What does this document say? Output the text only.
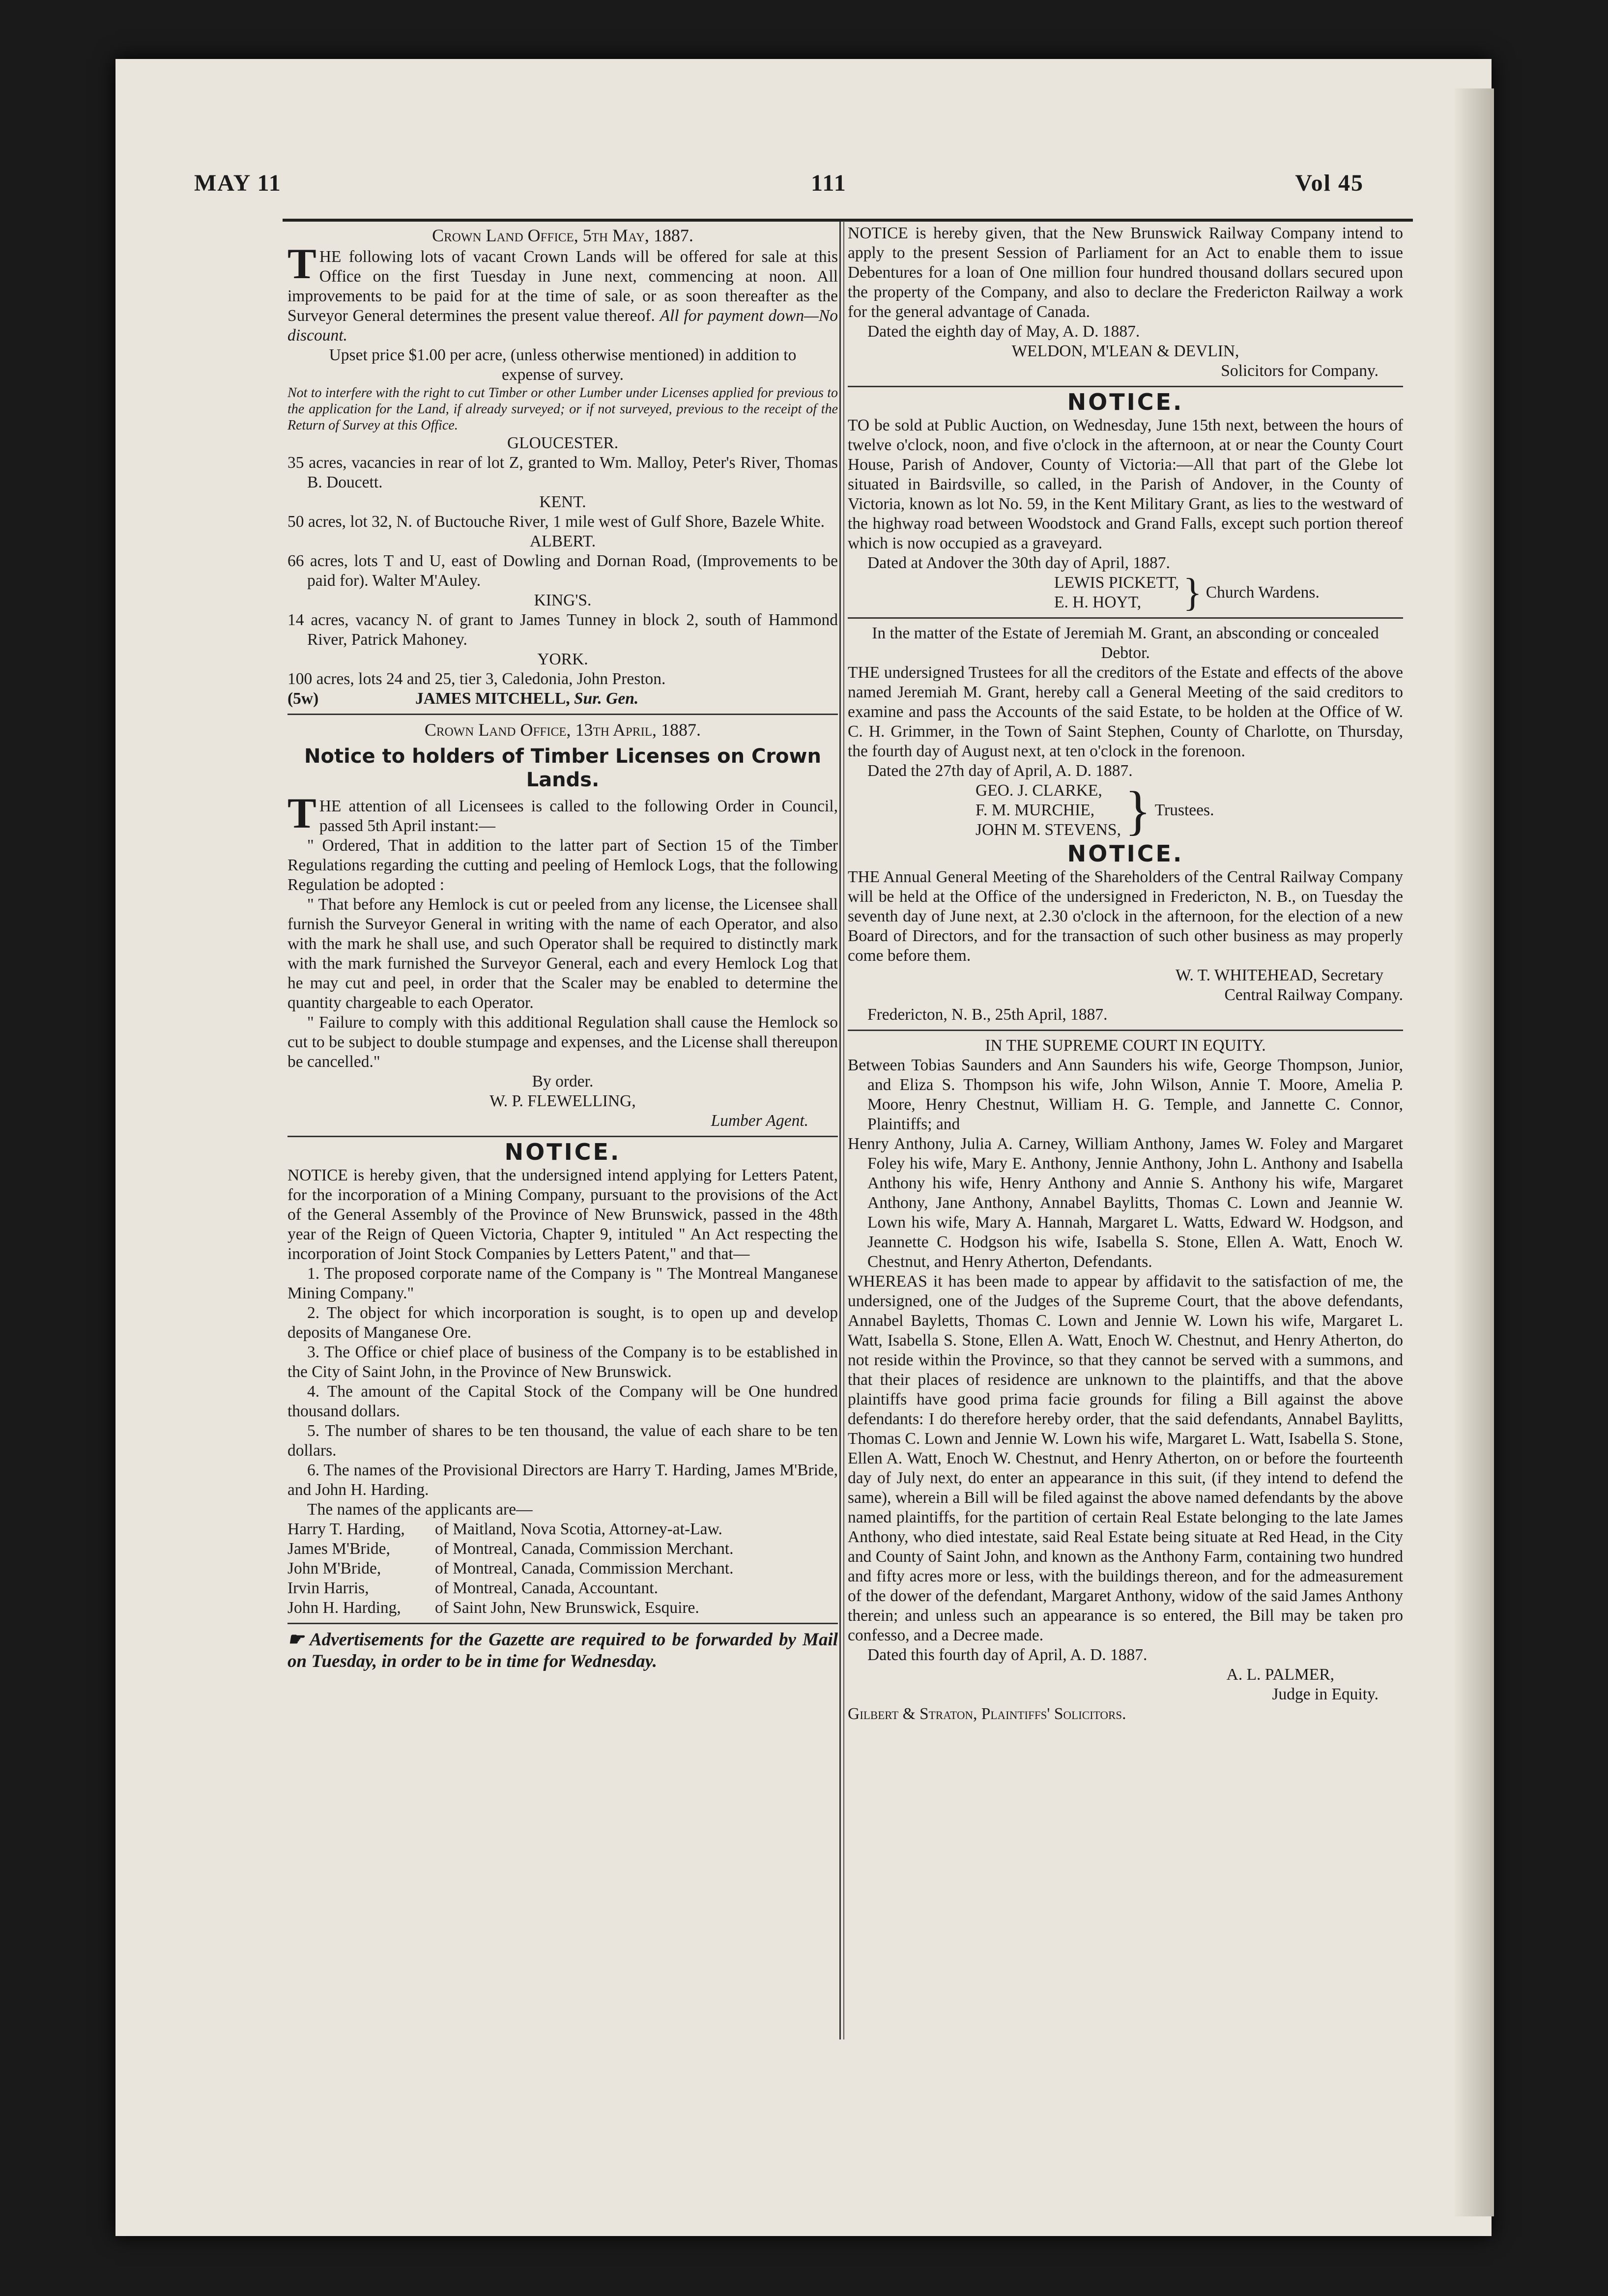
MAY 11	111	Vol 45
Crown Land Office, 5th May, 1887.

THE following lots of vacant Crown Lands will be offered for sale at this Office on the first Tuesday in June next, commencing at noon. All improvements to be paid for at the time of sale, or as soon thereafter as the Surveyor General determines the present value thereof. All for payment down—No discount.

Upset price $1.00 per acre, (unless otherwise mentioned) in addition to expense of survey.

Not to interfere with the right to cut Timber or other Lumber under Licenses applied for previous to the application for the Land, if already surveyed; or if not surveyed, previous to the receipt of the Return of Survey at this Office.

GLOUCESTER.

35 acres, vacancies in rear of lot Z, granted to Wm. Malloy, Peter's River, Thomas B. Doucett.

KENT.

50 acres, lot 32, N. of Buctouche River, 1 mile west of Gulf Shore, Bazele White.

ALBERT.

66 acres, lots T and U, east of Dowling and Dornan Road, (Improvements to be paid for). Walter M'Auley.

KING'S.

14 acres, vacancy N. of grant to James Tunney in block 2, south of Hammond River, Patrick Mahoney.

YORK.

100 acres, lots 24 and 25, tier 3, Caledonia, John Preston.

(5w)	JAMES MITCHELL,
Sur. Gen.
Crown Land Office, 13th April, 1887.
Notice to holders of Timber Licenses on Crown Lands.

THE attention of all Licensees is called to the following Order in Council, passed 5th April instant:—

" Ordered, That in addition to the latter part of Section 15 of the Timber Regulations regarding the cutting and peeling of Hemlock Logs, that the following Regulation be adopted :

" That before any Hemlock is cut or peeled from any license, the Licensee shall furnish the Surveyor General in writing with the name of each Operator, and also with the mark he shall use, and such Operator shall be required to distinctly mark with the mark furnished the Surveyor General, each and every Hemlock Log that he may cut and peel, in order that the Scaler may be enabled to determine the quantity chargeable to each Operator.

" Failure to comply with this additional Regulation shall cause the Hemlock so cut to be subject to double stumpage and expenses, and the License shall thereupon be cancelled."

By order.
W. P. FLEWELLING,
Lumber Agent.
NOTICE.

NOTICE is hereby given, that the undersigned intend applying for Letters Patent, for the incorporation of a Mining Company, pursuant to the provisions of the Act of the General Assembly of the Province of New Brunswick, passed in the 48th year of the Reign of Queen Victoria, Chapter 9, intituled " An Act respecting the incorporation of Joint Stock Companies by Letters Patent," and that—

1. The proposed corporate name of the Company is " The Montreal Manganese Mining Company."

2. The object for which incorporation is sought, is to open up and develop deposits of Manganese Ore.

3. The Office or chief place of business of the Company is to be established in the City of Saint John, in the Province of New Brunswick.

4. The amount of the Capital Stock of the Company will be One hundred thousand dollars.

5. The number of shares to be ten thousand, the value of each share to be ten dollars.

6. The names of the Provisional Directors are Harry T. Harding, James M'Bride, and John H. Harding.

The names of the applicants are—

Harry T. Harding,	of Maitland, Nova Scotia, Attorney-at-Law.
James M'Bride,	of Montreal, Canada, Commission Merchant.
John M'Bride,	of Montreal, Canada, Commission Merchant.
Irvin Harris,	of Montreal, Canada, Accountant.
John H. Harding,	of Saint John, New Brunswick, Esquire.

☛ Advertisements for the Gazette are required to be forwarded by Mail on Tuesday, in order to be in time for Wednesday.

NOTICE is hereby given, that the New Brunswick Railway Company intend to apply to the present Session of Parliament for an Act to enable them to issue Debentures for a loan of One million four hundred thousand dollars secured upon the property of the Company, and also to declare the Fredericton Railway a work for the general advantage of Canada.

Dated the eighth day of May, A. D. 1887.

WELDON, M'LEAN & DEVLIN,
Solicitors for Company.
NOTICE.

TO be sold at Public Auction, on Wednesday, June 15th next, between the hours of twelve o'clock, noon, and five o'clock in the afternoon, at or near the County Court House, Parish of Andover, County of Victoria:—All that part of the Glebe lot situated in Bairdsville, so called, in the Parish of Andover, in the County of Victoria, known as lot No. 59, in the Kent Military Grant, as lies to the westward of the highway road between Woodstock and Grand Falls, except such portion thereof which is now occupied as a graveyard.

Dated at Andover the 30th day of April, 1887.

LEWIS PICKETT,
E. H. HOYT,	} Church Wardens.

In the matter of the Estate of Jeremiah M. Grant, an absconding or concealed Debtor.

THE undersigned Trustees for all the creditors of the Estate and effects of the above named Jeremiah M. Grant, hereby call a General Meeting of the said creditors to examine and pass the Accounts of the said Estate, to be holden at the Office of W. C. H. Grimmer, in the Town of Saint Stephen, County of Charlotte, on Thursday, the fourth day of August next, at ten o'clock in the forenoon.

Dated the 27th day of April, A. D. 1887.

GEO. J. CLARKE,
F. M. MURCHIE,
JOHN M. STEVENS, } Trustees.
NOTICE.

THE Annual General Meeting of the Shareholders of the Central Railway Company will be held at the Office of the undersigned in Fredericton, N. B., on Tuesday the seventh day of June next, at 2.30 o'clock in the afternoon, for the election of a new Board of Directors, and for the transaction of such other business as may properly come before them.

W. T. WHITEHEAD, Secretary
Central Railway Company.

Fredericton, N. B., 25th April, 1887.

IN THE SUPREME COURT IN EQUITY.

Between Tobias Saunders and Ann Saunders his wife, George Thompson, Junior, and Eliza S. Thompson his wife, John Wilson, Annie T. Moore, Amelia P. Moore, Henry Chestnut, William H. G. Temple, and Jannette C. Connor, Plaintiffs; and

Henry Anthony, Julia A. Carney, William Anthony, James W. Foley and Margaret Foley his wife, Mary E. Anthony, Jennie Anthony, John L. Anthony and Isabella Anthony his wife, Henry Anthony and Annie S. Anthony his wife, Margaret Anthony, Jane Anthony, Annabel Baylitts, Thomas C. Lown and Jeannie W. Lown his wife, Mary A. Hannah, Margaret L. Watts, Edward W. Hodgson, and Jeannette C. Hodgson his wife, Isabella S. Stone, Ellen A. Watt, Enoch W. Chestnut, and Henry Atherton, Defendants.

WHEREAS it has been made to appear by affidavit to the satisfaction of me, the undersigned, one of the Judges of the Supreme Court, that the above defendants, Annabel Bayletts, Thomas C. Lown and Jennie W. Lown his wife, Margaret L. Watt, Isabella S. Stone, Ellen A. Watt, Enoch W. Chestnut, and Henry Atherton, do not reside within the Province, so that they cannot be served with a summons, and that their places of residence are unknown to the plaintiffs, and that the above plaintiffs have good prima facie grounds for filing a Bill against the above defendants: I do therefore hereby order, that the said defendants, Annabel Baylitts, Thomas C. Lown and Jennie W. Lown his wife, Margaret L. Watt, Isabella S. Stone, Ellen A. Watt, Enoch W. Chestnut, and Henry Atherton, on or before the fourteenth day of July next, do enter an appearance in this suit, (if they intend to defend the same), wherein a Bill will be filed against the above named defendants by the above named plaintiffs, for the partition of certain Real Estate belonging to the late James Anthony, who died intestate, said Real Estate being situate at Red Head, in the City and County of Saint John, and known as the Anthony Farm, containing two hundred and fifty acres more or less, with the buildings thereon, and for the admeasurement of the dower of the defendant, Margaret Anthony, widow of the said James Anthony therein; and unless such an appearance is so entered, the Bill may be taken pro confesso, and a Decree made.

Dated this fourth day of April, A. D. 1887.

A. L. PALMER,
Judge in Equity.

Gilbert & Straton, Plaintiffs' Solicitors.
